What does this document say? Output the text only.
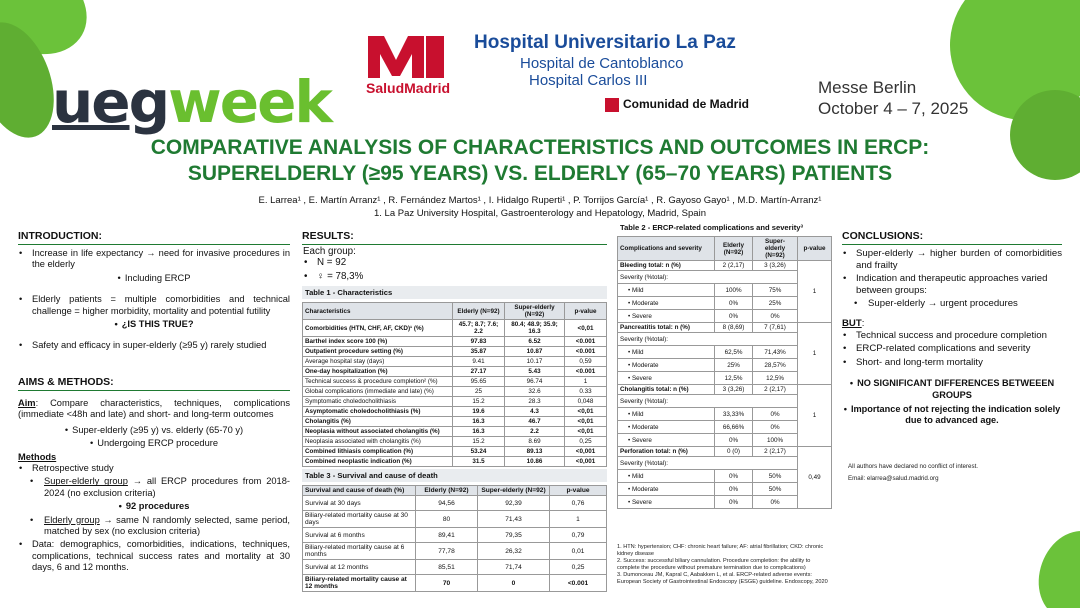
uegweek	SaludMadrid
Hospital Universitario La Paz
Hospital de Cantoblanco
Hospital Carlos III
Comunidad de Madrid
Messe Berlin
October 4 – 7, 2025
COMPARATIVE ANALYSIS OF CHARACTERISTICS AND OUTCOMES IN ERCP:
SUPERELDERLY (≥95 YEARS) VS. ELDERLY (65–70 YEARS) PATIENTS
E. Larrea¹ , E. Martín Arranz¹ , R. Fernández Martos¹ , I. Hidalgo Ruperti¹ , P. Torrijos García¹ , R. Gayoso Gayo¹ , M.D. Martín-Arranz¹
1. La Paz University Hospital, Gastroenterology and Hepatology, Madrid, Spain
INTRODUCTION:
• Increase in life expectancy → need for invasive procedures in the elderly
• Including ERCP
• Elderly patients = multiple comorbidities and technical challenge = higher morbidity, mortality and potential futility
• ¿IS THIS TRUE?
• Safety and efficacy in super-elderly (≥95 y) rarely studied
AIMS & METHODS:
Aim: Compare characteristics, techniques, complications (immediate <48h and late) and short- and long-term outcomes
• Super-elderly (≥95 y) vs. elderly (65-70 y)
• Undergoing ERCP procedure
Methods
• Retrospective study
• Super-elderly group → all ERCP procedures from 2018-2024 (no exclusion criteria)
• 92 procedures
• Elderly group → same N randomly selected, same period, matched by sex (no exclusion criteria)
• Data: demographics, comorbidities, indications, techniques, complications, technical success rates and mortality at 30 days, 6 and 12 months.
RESULTS:
Each group:
• N = 92
• ♀ = 78,3%
Table 1 - Characteristics
Characteristics	Elderly (N=92)	Super-elderly (N=92)	p-value
Comorbidities (HTN, CHF, AF, CKD)¹ (%)	45.7; 8.7; 7.6; 2.2	80.4; 48.9; 35.9; 16.3	<0,01
Barthel index score 100 (%)	97.83	6.52	<0.001
Outpatient procedure setting (%)	35.87	10.87	<0.001
Average hospital stay (days)	9.41	10.17	0,59
One-day hospitalization (%)	27.17	5.43	<0.001
Technical success & procedure completion² (%)	95.65	96.74	1
Global complications (immediate and late) (%)	25	32.6	0.33
Symptomatic choledocholithiasis	15.2	28.3	0,048
Asymptomatic choledocholithiasis (%)	19.6	4.3	<0,01
Cholangitis (%)	16.3	46.7	<0,01
Neoplasia without associated cholangitis (%)	16.3	2.2	<0,01
Neoplasia associated with cholangitis (%)	15.2	8.69	0,25
Combined lithiasis complication (%)	53.24	89.13	<0,001
Combined neoplastic indication (%)	31.5	10.86	<0,001
Table 3 - Survival and cause of death
Survival and cause of death (%)	Elderly (N=92)	Super-elderly (N=92)	p-value
Survival at 30 days	94,56	92,39	0,76
Biliary-related mortality cause at 30 days	80	71,43	1
Survival at 6 months	89,41	79,35	0,79
Biliary-related mortality cause at 6 months	77,78	26,32	0,01
Survival at 12 months	85,51	71,74	0,25
Biliary-related mortality cause at 12 months	70	0	<0.001
Table 2 - ERCP-related complications and severity³
Complications and severity	Elderly (N=92)	Super-elderly (N=92)	p-value
Bleeding total: n (%)	2 (2,17)	3 (3,26)	1
Severity (%total):			
• Mild	100%	75%	
• Moderate	0%	25%	
• Severe	0%	0%	
Pancreatitis total: n (%)	8 (8,69)	7 (7,61)	1
Severity (%total):			
• Mild	62,5%	71,43%	
• Moderate	25%	28,57%	
• Severe	12,5%	12,5%	
Cholangitis total: n (%)	3 (3,26)	2 (2,17)	1
Severity (%total):			
• Mild	33,33%	0%	
• Moderate	66,66%	0%	
• Severe	0%	100%	
Perforation total: n (%)	0 (0)	2 (2,17)	0,49
Severity (%total):			
• Mild	0%	50%	
• Moderate	0%	50%	
• Severe	0%	0%	
1. HTN: hypertension; CHF: chronic heart failure; AF: atrial fibrillation; CKD: chronic kidney disease
2. Success: successful biliary cannulation. Procedure completion: the ability to complete the procedure without premature termination due to complications)
3. Dumonceau JM, Kapral C, Aabakken L, et al. ERCP-related adverse events: European Society of Gastrointestinal Endoscopy (ESGE) guideline. Endoscopy, 2020
CONCLUSIONS:
• Super-elderly → higher burden of comorbidities and frailty
• Indication and therapeutic approaches varied between groups:
• Super-elderly → urgent procedures
BUT:
• Technical success and procedure completion
• ERCP-related complications and severity
• Short- and long-term mortality
• NO SIGNIFICANT DIFFERENCES BETWEEEN GROUPS
• Importance of not rejecting the indication solely due to advanced age.
All authors have declared no conflict of interest.
Email: elarrea@salud.madrid.org
